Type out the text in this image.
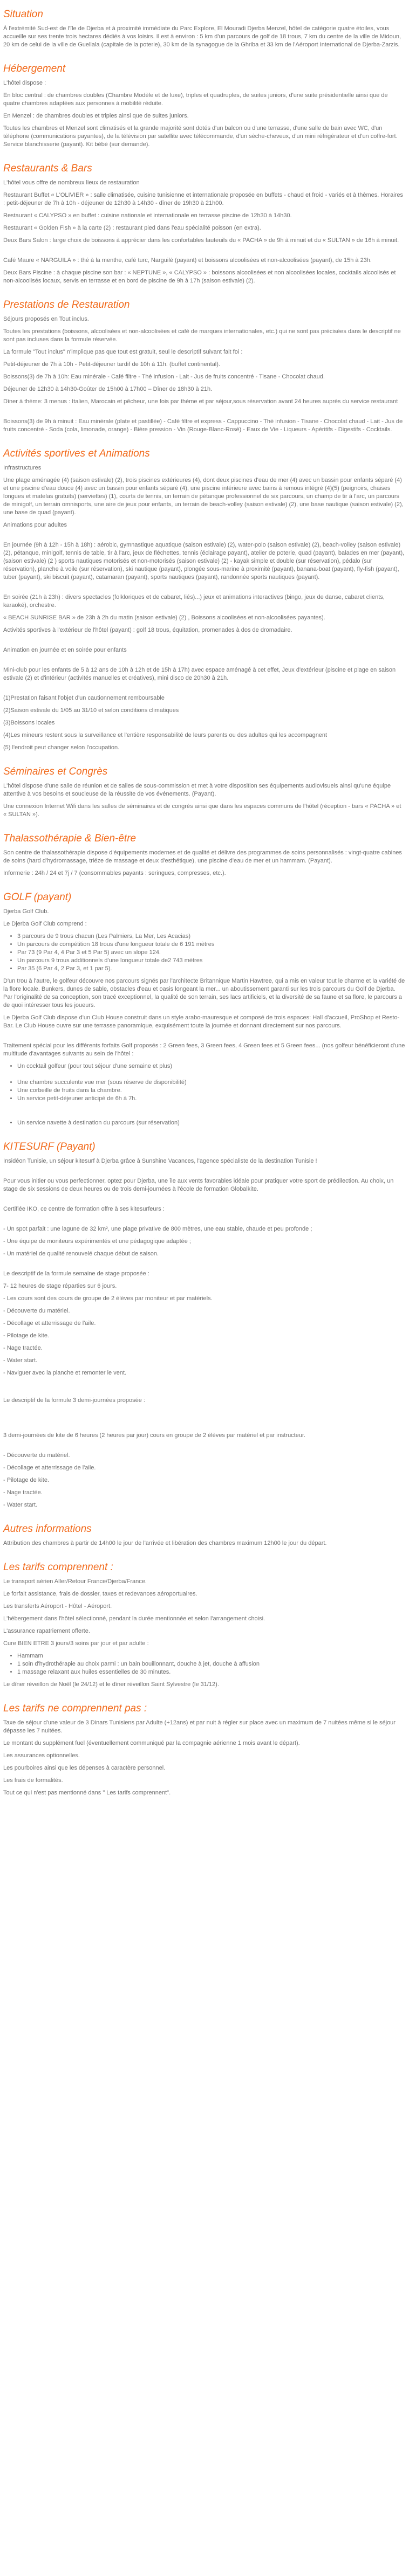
Situation

À l'extrémité Sud-est de l'île de Djerba et à proximité immédiate du Parc Explore, El Mouradi Djerba Menzel, hôtel de catégorie quatre étoiles, vous accueille sur ses trente trois hectares dédiés à vos loisirs. Il est à environ : 5 km d'un parcours de golf de 18 trous, 7 km du centre de la ville de Midoun, 20 km de celui de la ville de Guellala (capitale de la poterie), 30 km de la synagogue de la Ghriba et 33 km de l'Aéroport International de Djerba-Zarzis.

Hébergement

L'hôtel dispose :

En bloc central : de chambres doubles (Chambre Modèle et de luxe), triples et quadruples, de suites juniors, d'une suite présidentielle ainsi que de quatre chambres adaptées aux personnes à mobilité réduite.

En Menzel : de chambres doubles et triples ainsi que de suites juniors.

Toutes les chambres et Menzel sont climatisés et la grande majorité sont dotés d'un balcon ou d'une terrasse, d'une salle de bain avec WC, d'un téléphone (communications payantes), de la télévision par satellite avec télécommande, d'un sèche-cheveux, d'un mini réfrigérateur et d'un coffre-fort. Service blanchisserie (payant). Kit bébé (sur demande).

Restaurants & Bars

L'hôtel vous offre de nombreux lieux de restauration

Restaurant Buffet « L'OLIVIER » : salle climatisée, cuisine tunisienne et internationale proposée en buffets - chaud et froid - variés et à thèmes. Horaires : petit-déjeuner de 7h à 10h - déjeuner de 12h30 à 14h30 - dîner de 19h30 à 21h00.

Restaurant « CALYPSO » en buffet : cuisine nationale et internationale en terrasse piscine de 12h30 à 14h30.

Restaurant « Golden Fish » à la carte (2) : restaurant pied dans l'eau spécialité poisson (en extra).

Deux Bars Salon : large choix de boissons à apprécier dans les confortables fauteuils du « PACHA » de 9h à minuit et du « SULTAN » de 16h à minuit.

Café Maure « NARGUILA » : thé à la menthe, café turc, Narguilé (payant) et boissons alcoolisées et non-alcoolisées (payant), de 15h à 23h.

Deux Bars Piscine : à chaque piscine son bar : « NEPTUNE », « CALYPSO » : boissons alcoolisées et non alcoolisées locales, cocktails alcoolisés et non-alcoolisés locaux, servis en terrasse et en bord de piscine de 9h à 17h (saison estivale) (2).

Prestations de Restauration

Séjours proposés en Tout inclus.

Toutes les prestations (boissons, alcoolisées et non-alcoolisées et café de marques internationales, etc.) qui ne sont pas précisées dans le descriptif ne sont pas incluses dans la formule réservée.

La formule "Tout inclus" n'implique pas que tout est gratuit, seul le descriptif suivant fait foi :

Petit-déjeuner de 7h à 10h - Petit-déjeuner tardif de 10h à 11h. (buffet continental).

Boissons(3) de 7h à 10h: Eau minérale - Café filtre - Thé infusion - Lait - Jus de fruits concentré - Tisane - Chocolat chaud.

Déjeuner de 12h30 à 14h30-Goûter de 15h00 à 17h00 – Dîner de 18h30 à 21h.

Dîner à thème: 3 menus : Italien, Marocain et pêcheur, une fois par thème et par séjour,sous réservation avant 24 heures auprès du service restaurant

Boissons(3) de 9h à minuit : Eau minérale (plate et pastillée) - Café filtre et express - Cappuccino - Thé infusion - Tisane - Chocolat chaud - Lait - Jus de fruits concentré - Soda (cola, limonade, orange) - Bière pression - Vin (Rouge-Blanc-Rosé) - Eaux de Vie - Liqueurs - Apéritifs - Digestifs - Cocktails.

Activités sportives et Animations

Infrastructures

Une plage aménagée (4) (saison estivale) (2), trois piscines extérieures (4), dont deux piscines d'eau de mer (4) avec un bassin pour enfants séparé (4) et une piscine d'eau douce (4) avec un bassin pour enfants séparé (4), une piscine intérieure avec bains à remous intégré (4)(5) (peignoirs, chaises longues et matelas gratuits) (serviettes) (1), courts de tennis, un terrain de pétanque professionnel de six parcours, un champ de tir à l'arc, un parcours de minigolf, un terrain omnisports, une aire de jeux pour enfants, un terrain de beach-volley (saison estivale) (2), une base nautique (saison estivale) (2), une base de quad (payant).

Animations pour adultes

En journée (9h à 12h - 15h à 18h) : aérobic, gymnastique aquatique (saison estivale) (2), water-polo (saison estivale) (2), beach-volley (saison estivale) (2), pétanque, minigolf, tennis de table, tir à l'arc, jeux de fléchettes, tennis (éclairage payant), atelier de poterie, quad (payant), balades en mer (payant), (saison estivale) (2 ) sports nautiques motorisés et non-motorisés (saison estivale) (2) - kayak simple et double (sur réservation), pédalo (sur réservation), planche à voile (sur réservation), ski nautique (payant), plongée sous-marine à proximité (payant), banana-boat (payant), fly-fish (payant), tuber (payant), ski biscuit (payant), catamaran (payant), sports nautiques (payant), randonnée sports nautiques (payant).

En soirée (21h à 23h) : divers spectacles (folkloriques et de cabaret, liés)...) jeux et animations interactives (bingo, jeux de danse, cabaret clients, karaoké), orchestre.

« BEACH SUNRISE BAR » de 23h à 2h du matin (saison estivale) (2) , Boissons alcoolisées et non-alcoolisées payantes).

Activités sportives à l'extérieur de l'hôtel (payant) : golf 18 trous, équitation, promenades à dos de dromadaire.

Animation en journée et en soirée pour enfants

Mini-club pour les enfants de 5 à 12 ans de 10h à 12h et de 15h à 17h) avec espace aménagé à cet effet, Jeux d'extérieur (piscine et plage en saison estivale (2) et d'intérieur (activités manuelles et créatives), mini disco de 20h30 à 21h.

(1)Prestation faisant l'objet d'un cautionnement remboursable

(2)Saison estivale du 1/05 au 31/10 et selon conditions climatiques

(3)Boissons locales

(4)Les mineurs restent sous la surveillance et l'entière responsabilité de leurs parents ou des adultes qui les accompagnent

(5) l'endroit peut changer selon l'occupation.

Séminaires et Congrès

L'hôtel dispose d'une salle de réunion et de salles de sous-commission et met à votre disposition ses équipements audiovisuels ainsi qu'une équipe attentive à vos besoins et soucieuse de la réussite de vos événements. (Payant).

Une connexion Internet Wifi dans les salles de séminaires et de congrès ainsi que dans les espaces communs de l'hôtel (réception - bars « PACHA » et « SULTAN »).

Thalassothérapie & Bien-être

Son centre de thalassothérapie dispose d'équipements modernes et de qualité et délivre des programmes de soins personnalisés : vingt-quatre cabines de soins (hard d'hydromassage, triéze de massage et deux d'esthétique), une piscine d'eau de mer et un hammam. (Payant).

Informerie : 24h / 24 et 7j / 7 (consommables payants : seringues, compresses, etc.).

GOLF (payant)

Djerba Golf Club.

Le Djerba Golf Club comprend :

• 3 parcours de 9 trous chacun (Les Palmiers, La Mer, Les Acacias)
• Un parcours de compétition 18 trous d'une longueur totale de 6 191 mètres
• Par 73 (9 Par 4, 4 Par 3 et 5 Par 5) avec un slope 124.
• Un parcours 9 trous additionnels d'une longueur totale de2 743 mètres
• Par 35 (6 Par 4, 2 Par 3, et 1 par 5).

D'un trou à l'autre, le golfeur découvre nos parcours signés par l'architecte Britannique Martin Hawtree, qui a mis en valeur tout le charme et la variété de la flore locale. Bunkers, dunes de sable, obstacles d'eau et oasis longeant la mer... un aboutissement garanti sur les trois parcours du Golf de Djerba. Par l'originalité de sa conception, son tracé exceptionnel, la qualité de son terrain, ses lacs artificiels, et la diversité de sa faune et sa flore, le parcours a de quoi intéresser tous les joueurs.

Le Djerba Golf Club dispose d'un Club House construit dans un style arabo-mauresque et composé de trois espaces: Hall d'accueil, ProShop et Resto-Bar. Le Club House ouvre sur une terrasse panoramique, exquisément toute la journée et donnant directement sur nos parcours.

Traitement spécial pour les différents forfaits Golf proposés : 2 Green fees, 3 Green fees, 4 Green fees et 5 Green fees... (nos golfeur bénéficieront d'une multitude d'avantages suivants au sein de l'hôtel :

• Un cocktail golfeur (pour tout séjour d'une semaine et plus)

• Une chambre succulente vue mer (sous réserve de disponibilité)
• Une corbeille de fruits dans la chambre.
• Un service petit-déjeuner anticipé de 6h à 7h.

• Un service navette à destination du parcours (sur réservation)
KITESURF (Payant)

Insidéon Tunisie, un séjour kitesurf à Djerba grâce à Sunshine Vacances, l'agence spécialiste de la destination Tunisie !

Pour vous initier ou vous perfectionner, optez pour Djerba, une île aux vents favorables idéale pour pratiquer votre sport de prédilection. Au choix, un stage de six sessions de deux heures ou de trois demi-journées à l'école de formation Globalkite.

Certifiée IKO, ce centre de formation offre à ses kitesurfeurs :

- Un spot parfait : une lagune de 32 km², une plage privative de 800 mètres, une eau stable, chaude et peu profonde ;

- Une équipe de moniteurs expérimentés et une pédagogique adaptée ;

- Un matériel de qualité renouvelé chaque début de saison.

Le descriptif de la formule semaine de stage proposée :

7- 12 heures de stage réparties sur 6 jours.

- Les cours sont des cours de groupe de 2 élèves par moniteur et par matériels.

- Découverte du matériel.

- Décollage et atterrissage de l'aile.

- Pilotage de kite.

- Nage tractée.

- Water start.

- Naviguer avec la planche et remonter le vent.

Le descriptif de la formule 3 demi-journées proposée :

3 demi-journées de kite de 6 heures (2 heures par jour) cours en groupe de 2 élèves par matériel et par instructeur.

- Découverte du matériel.

- Décollage et atterrissage de l'aile.

- Pilotage de kite.

- Nage tractée.

- Water start.

Autres informations

Attribution des chambres à partir de 14h00 le jour de l'arrivée et libération des chambres maximum 12h00 le jour du départ.

Les tarifs comprennent :

Le transport aérien Aller/Retour France/Djerba/France.

Le forfait assistance, frais de dossier, taxes et redevances aéroportuaires.

Les transferts Aéroport - Hôtel - Aéroport.

L'hébergement dans l'hôtel sélectionné, pendant la durée mentionnée et selon l'arrangement choisi.

L'assurance rapatriement offerte.

Cure BIEN ETRE 3 jours/3 soins par jour et par adulte :

• Hammam
• 1 soin d'hydrothérapie au choix parmi : un bain bouillonnant, douche à jet, douche à affusion
• 1 massage relaxant aux huiles essentielles de 30 minutes.

Le dîner réveillon de Noël (le 24/12) et le dîner réveillon Saint Sylvestre (le 31/12).

Les tarifs ne comprennent pas :

Taxe de séjour d'une valeur de 3 Dinars Tunisiens par Adulte (+12ans) et par nuit à régler sur place avec un maximum de 7 nuitées même si le séjour dépasse les 7 nuitées.

Le montant du supplément fuel (éventuellement communiqué par la compagnie aérienne 1 mois avant le départ).

Les assurances optionnelles.

Les pourboires ainsi que les dépenses à caractère personnel.

Les frais de formalités.

Tout ce qui n'est pas mentionné dans " Les tarifs comprennent".
